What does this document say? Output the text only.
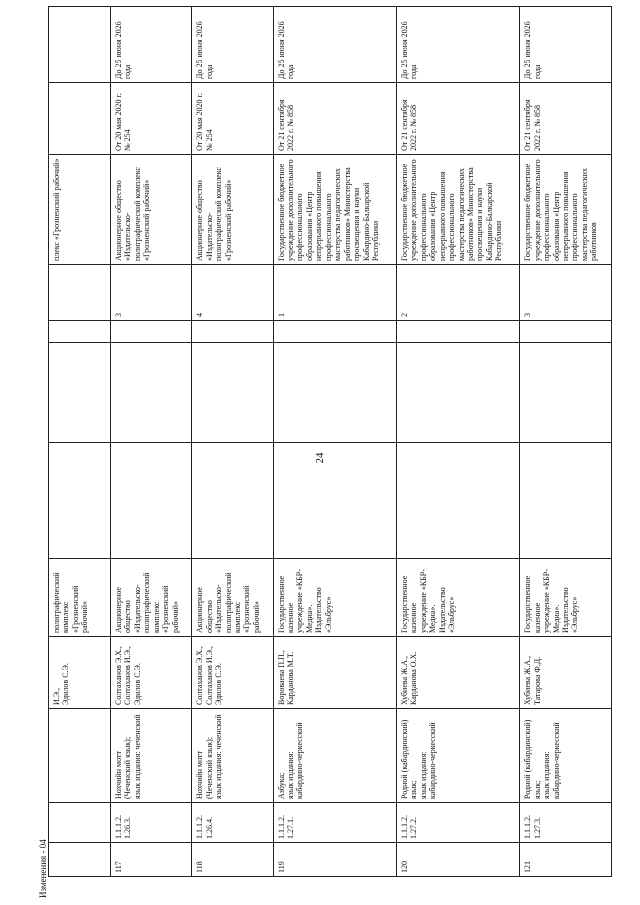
24
			И.Э.,
Эдилов С.Э.	полиграфический комплекс «Грозненский рабочий»					плекс «Грозненский рабочий»		
117	1.1.1.2.
1.26.3.	Нохчийн мотт (Чеченский язык);
язык издания: чеченский	Солтаханов Э.Х.,
Солтаханов И.Э.,
Эдилов С.Э.	Акционерное общество «Издательско-полиграфический комплекс «Грозненский рабочий»				3	Акционерное общество «Издательско-полиграфический комплекс «Грозненский рабочий»	От 20 мая 2020 г.
№ 254	До 25 июня 2026 года
118	1.1.1.2.
1.26.4.	Нохчийн мотт (Чеченский язык);
язык издания: чеченский	Солтаханов Э.Х.,
Солтаханов И.Э.,
Эдилов С.Э.	Акционерное общество «Издательско-полиграфический комплекс «Грозненский рабочий»				4	Акционерное общество «Издательско-полиграфический комплекс «Грозненский рабочий»	От 20 мая 2020 г.
№ 254	До 25 июня 2026 года
119	1.1.1.2.
1.27.1.	Азбука;
язык издания: кабардино-черкесский	Вороваева П.П.,
Карданова М.Т.	Государственное казенное учреждение «КБР-Медиа». Издательство «Эльбрус»				1	Государственное бюджетное учреждение дополнительного профессионального образования «Центр непрерывного повышения профессионального мастерства педагогических работников» Министерства просвещения и науки Кабардино-Балкарской Республики	От 21 сентября 2022 г. № 858	До 25 июня 2026 года
120	1.1.1.2.
1.27.2.	Родной (кабардинский) язык;
язык издания: кабардино-черкесский	Хубиева Ж.А.,
Карданова О.Х.	Государственное казенное учреждение «КБР-Медиа». Издательство «Эльбрус»				2	Государственное бюджетное учреждение дополнительного профессионального образования «Центр непрерывного повышения профессионального мастерства педагогических работников» Министерства просвещения и науки Кабардино-Балкарской Республики	От 21 сентября 2022 г. № 858	До 25 июня 2026 года
121	1.1.1.2.
1.27.3.	Родной (кабардинский) язык;
язык издания: кабардино-черкесский	Хубиева Ж.А.,
Татарова Ф.Д.	Государственное казенное учреждение «КБР-Медиа». Издательство «Эльбрус»				3	Государственное бюджетное учреждение дополнительного профессионального образования «Центр непрерывного повышения профессионального мастерства педагогических работников	От 21 сентября 2022 г. № 858	До 25 июня 2026 года
Изменения - 04
